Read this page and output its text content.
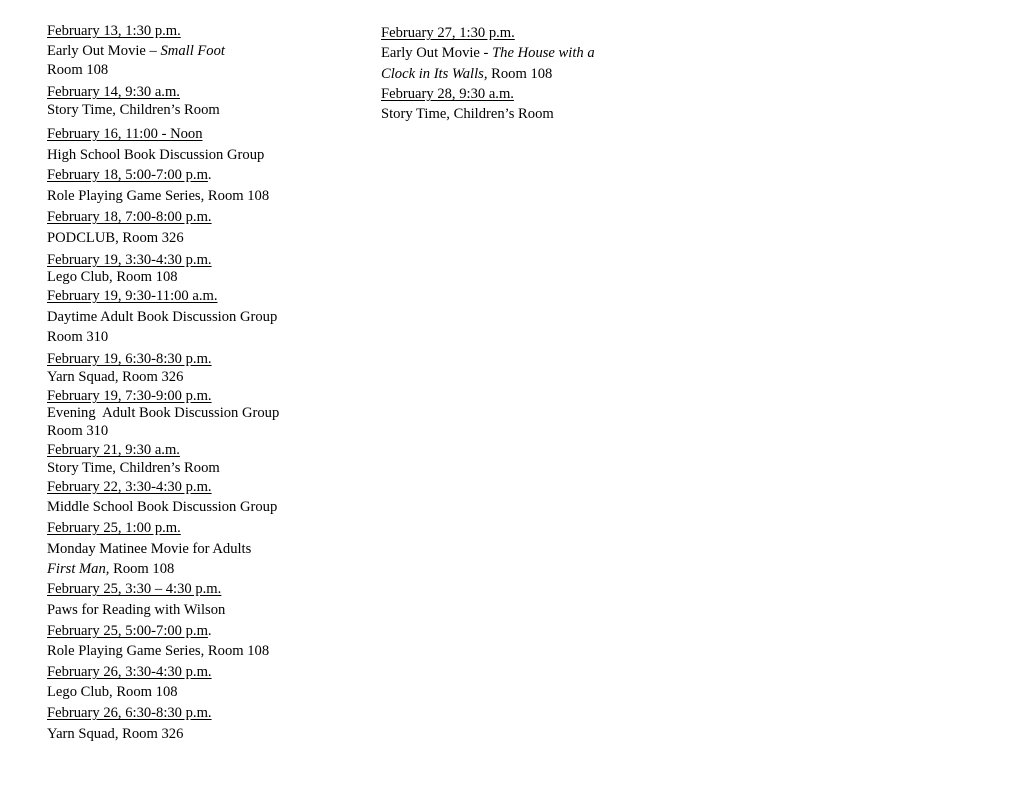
February 13, 1:30 p.m.
Early Out Movie – Small Foot
Room 108
February 14, 9:30 a.m.
Story Time, Children’s Room
February 16, 11:00 - Noon
High School Book Discussion Group
February 18, 5:00-7:00 p.m.
Role Playing Game Series, Room 108
February 18, 7:00-8:00 p.m.
PODCLUB, Room 326
February 19, 3:30-4:30 p.m.
Lego Club, Room 108
February 19, 9:30-11:00 a.m.
Daytime Adult Book Discussion Group
Room 310
February 19, 6:30-8:30 p.m.
Yarn Squad, Room 326
February 19, 7:30-9:00 p.m.
Evening  Adult Book Discussion Group
Room 310
February 21, 9:30 a.m.
Story Time, Children’s Room
February 22, 3:30-4:30 p.m.
Middle School Book Discussion Group
February 25, 1:00 p.m.
Monday Matinee Movie for Adults
First Man, Room 108
February 25, 3:30 – 4:30 p.m.
Paws for Reading with Wilson
February 25, 5:00-7:00 p.m.
Role Playing Game Series, Room 108
February 26, 3:30-4:30 p.m.
Lego Club, Room 108
February 26, 6:30-8:30 p.m.
Yarn Squad, Room 326
February 27, 1:30 p.m.
Early Out Movie - The House with a
Clock in Its Walls, Room 108
February 28, 9:30 a.m.
Story Time, Children’s Room
